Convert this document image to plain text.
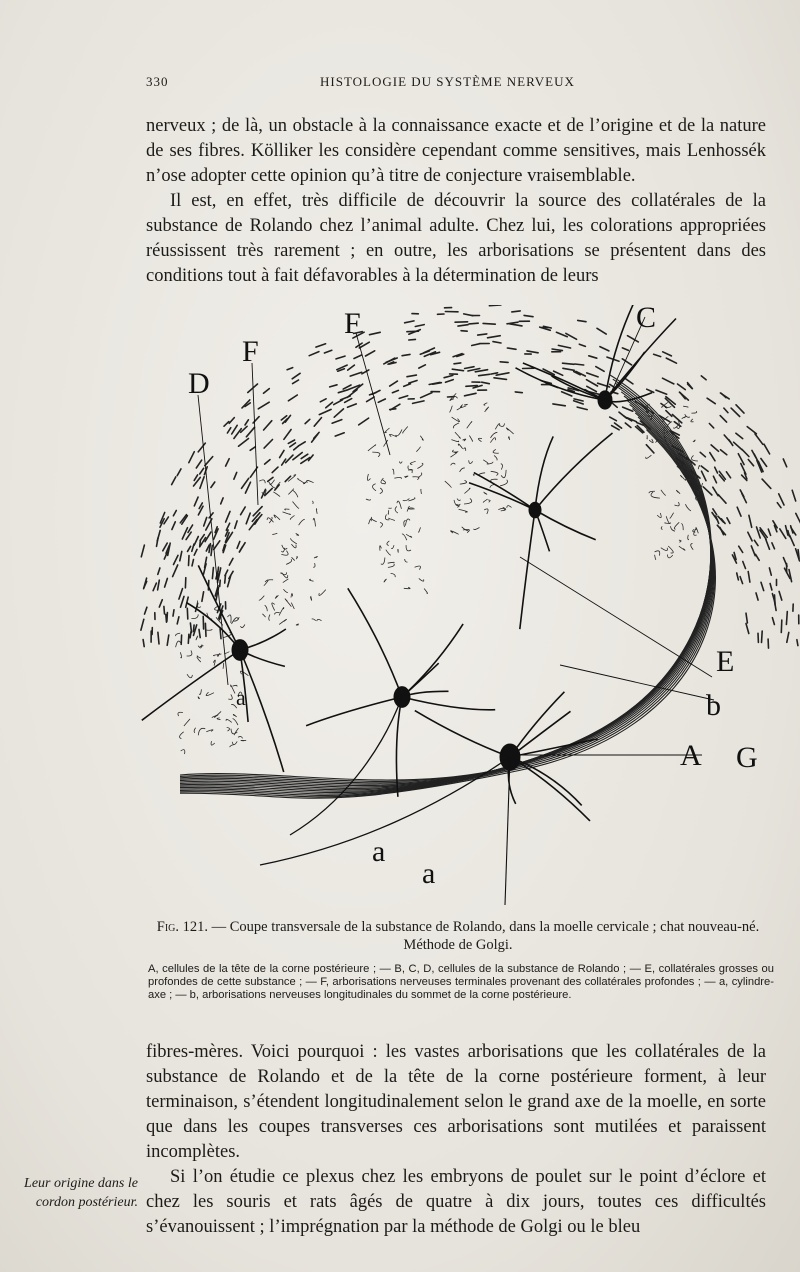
330	HISTOLOGIE DU SYSTÈME NERVEUX
nerveux ; de là, un obstacle à la connaissance exacte et de l’origine et de la nature de ses fibres. Kölliker les considère cependant comme sensitives, mais Lenhossék n’ose adopter cette opinion qu’à titre de conjecture vraisemblable.
Il est, en effet, très difficile de découvrir la source des collatérales de la substance de Rolando chez l’animal adulte. Chez lui, les colorations appropriées réussissent très rarement ; en outre, les arborisations se présentent dans des conditions tout à fait défavorables à la détermination de leurs
D
F
F	C
E
b
A G
a
a
a
Fig. 121. — Coupe transversale de la substance de Rolando, dans la moelle cervicale ; chat nouveau-né. Méthode de Golgi.
A, cellules de la tête de la corne postérieure ; — B, C, D, cellules de la substance de Rolando ; — E, collatérales grosses ou profondes de cette substance ; — F, arborisations nerveuses terminales provenant des collatérales profondes ; — a, cylindre-axe ; — b, arborisations nerveuses longitudinales du sommet de la corne postérieure.
fibres-mères. Voici pourquoi : les vastes arborisations que les collatérales de la substance de Rolando et de la tête de la corne postérieure forment, à leur terminaison, s’étendent longitudinalement selon le grand axe de la moelle, en sorte que dans les coupes transverses ces arborisations sont mutilées et paraissent incomplètes.
Si l’on étudie ce plexus chez les embryons de poulet sur le point d’éclore et chez les souris et rats âgés de quatre à dix jours, toutes ces difficultés s’évanouissent ; l’imprégnation par la méthode de Golgi ou le bleu
Leur origine dans le cordon postérieur.
